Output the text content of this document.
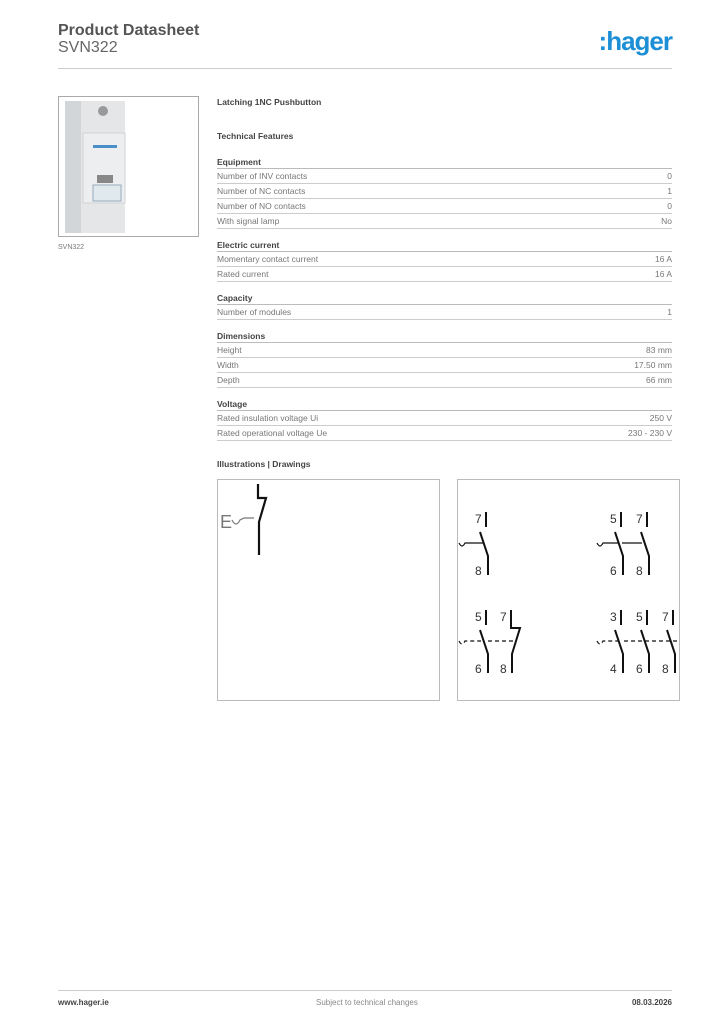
Product Datasheet
SVN322	:hager
SVN322
Latching 1NC Pushbutton
Technical Features
Equipment
Number of INV contacts	0
Number of NC contacts	1
Number of NO contacts	0
With signal lamp	No
Electric current
Momentary contact current	16 A
Rated current	16 A
Capacity
Number of modules	1
Dimensions
Height	83 mm
Width	17.50 mm
Depth	66 mm
Voltage
Rated insulation voltage Ui	250 V
Rated operational voltage Ue	230 - 230 V
Illustrations | Drawings
E	7
8
5 7
6 8
5 7
6 8
3 5 7
4 6 8
www.hager.ie	Subject to technical changes	08.03.2026
